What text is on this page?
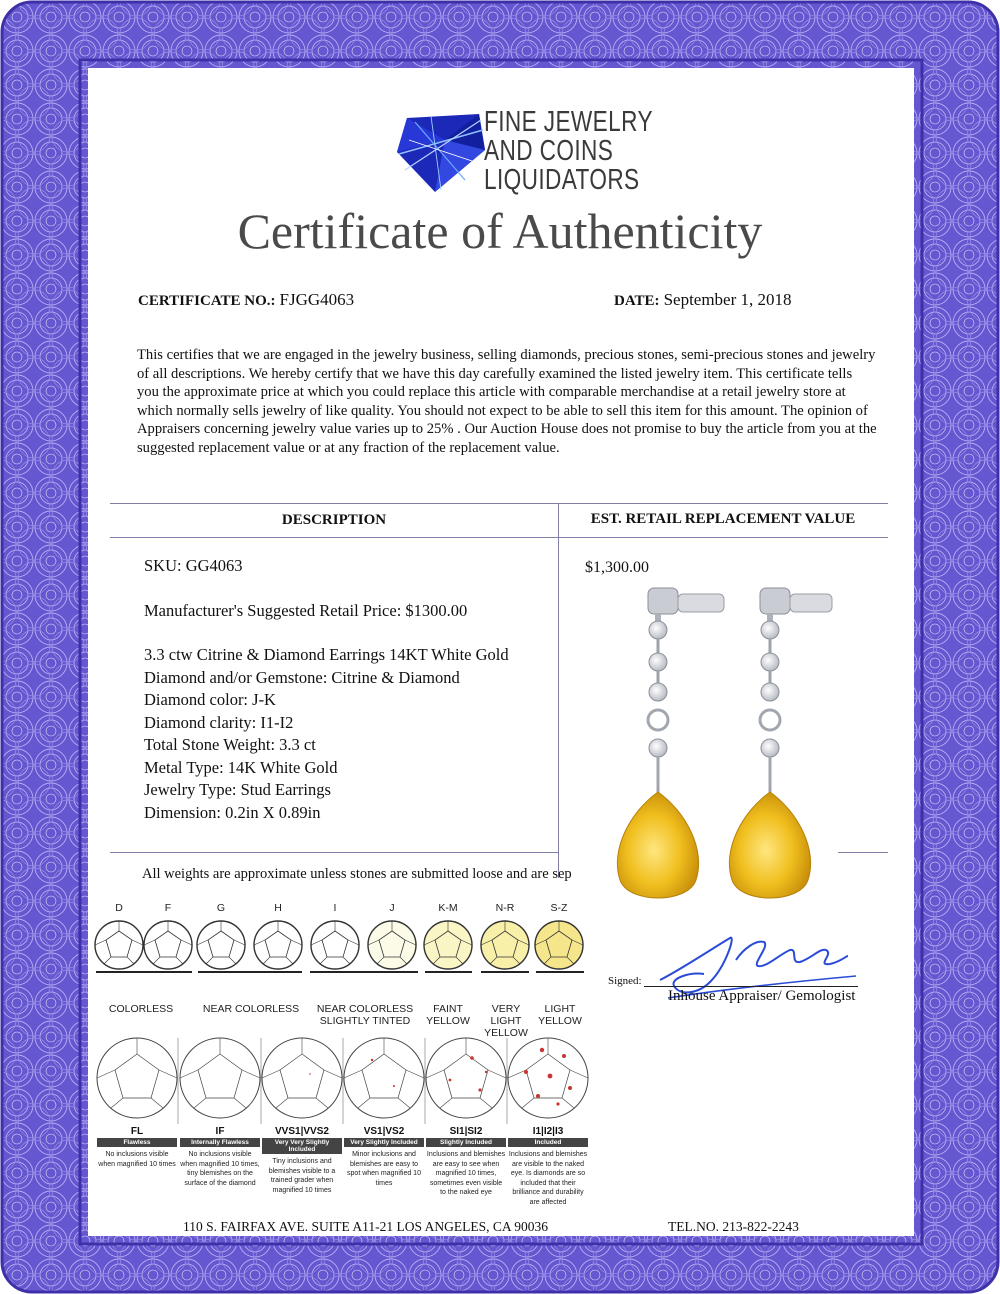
FINE JEWELRY
AND COINS
LIQUIDATORS
Certificate of Authenticity
CERTIFICATE NO.: FJGG4063	DATE: September 1, 2018
This certifies that we are engaged in the jewelry business, selling diamonds, precious stones, semi-precious stones and jewelry of all descriptions. We hereby certify that we have this day carefully examined the listed jewelry item. This certificate tells you the approximate price at which you could replace this article with comparable merchandise at a retail jewelry store at which normally sells jewelry of like quality. You should not expect to be able to sell this item for this amount. The opinion of Appraisers concerning jewelry value varies up to 25% . Our Auction House does not promise to buy the article from you at the suggested replacement value or at any fraction of the replacement value.
DESCRIPTION	EST. RETAIL REPLACEMENT VALUE
SKU: GG4063
Manufacturer's Suggested Retail Price: $1300.00
3.3 ctw Citrine & Diamond Earrings 14KT White Gold
Diamond and/or Gemstone: Citrine & Diamond
Diamond color: J-K
Diamond clarity: I1-I2
Total Stone Weight: 3.3 ct
Metal Type: 14K White Gold
Jewelry Type: Stud Earrings
Dimension: 0.2in X 0.89in
$1,300.00
All weights are approximate unless stones are submitted loose and are sep
D	F	G	H	I	J	K-M	N-R	S-Z
COLORLESS	NEAR COLORLESS	NEAR COLORLESS SLIGHTLY TINTED
FAINT YELLOW
VERY LIGHT YELLOW
LIGHT YELLOW
FL
Flawless
No inclusions visible when magnified 10 times
IF
Internally Flawless
No inclusions visible when magnified 10 times, tiny blemishes on the surface of the diamond
VVS1|VVS2
Very Very Slightly Included
Tiny inclusions and blemishes visible to a trained grader when magnified 10 times
VS1|VS2
Very Slightly Included
Minor inclusions and blemishes are easy to spot when magnified 10 times
SI1|SI2
Slightly Included
Inclusions and blemishes are easy to see when magnified 10 times, sometimes even visible to the naked eye
I1|I2|I3
Included
Inclusions and blemishes are visible to the naked eye. Is diamonds are so included that their brilliance and durability are affected
Signed:
Inhouse Appraiser/ Gemologist
110 S. FAIRFAX AVE. SUITE A11-21 LOS ANGELES, CA 90036	TEL.NO. 213-822-2243
